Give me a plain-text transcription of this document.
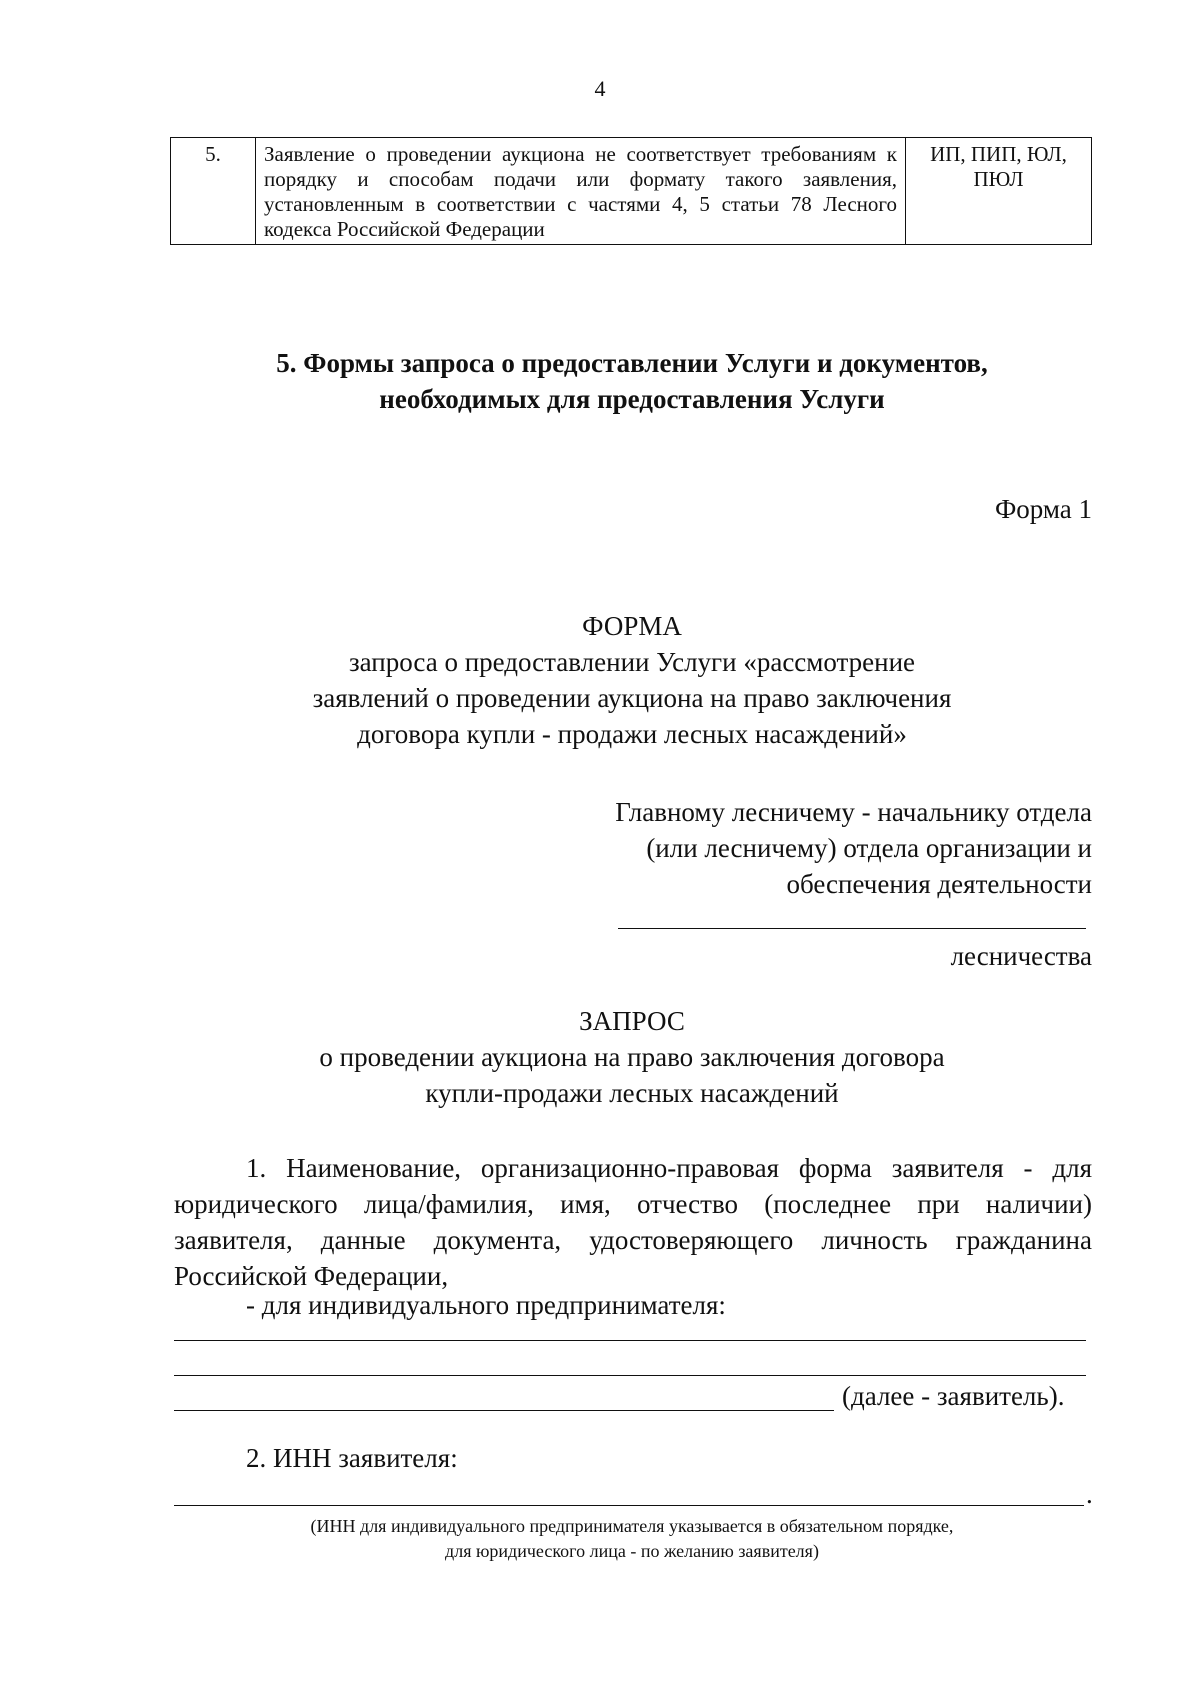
4
5.	Заявление о проведении аукциона не соответствует требованиям к порядку и способам подачи или формату такого заявления, установленным в соответствии с частями 4, 5 статьи 78 Лесного кодекса Российской Федерации	ИП, ПИП, ЮЛ, ПЮЛ
5. Формы запроса о предоставлении Услуги и документов,
необходимых для предоставления Услуги
Форма 1
ФОРМА
запроса о предоставлении Услуги «рассмотрение
заявлений о проведении аукциона на право заключения
договора купли - продажи лесных насаждений»
Главному лесничему - начальнику отдела
(или лесничему) отдела организации и
обеспечения деятельности
лесничества
ЗАПРОС
о проведении аукциона на право заключения договора
купли-продажи лесных насаждений
1. Наименование, организационно-правовая форма заявителя - для юридического лица/фамилия, имя, отчество (последнее при наличии) заявителя, данные документа, удостоверяющего личность гражданина Российской Федерации,
- для индивидуального предпринимателя:
(далее - заявитель).
2. ИНН заявителя:
.
(ИНН для индивидуального предпринимателя указывается в обязательном порядке,
для юридического лица - по желанию заявителя)
